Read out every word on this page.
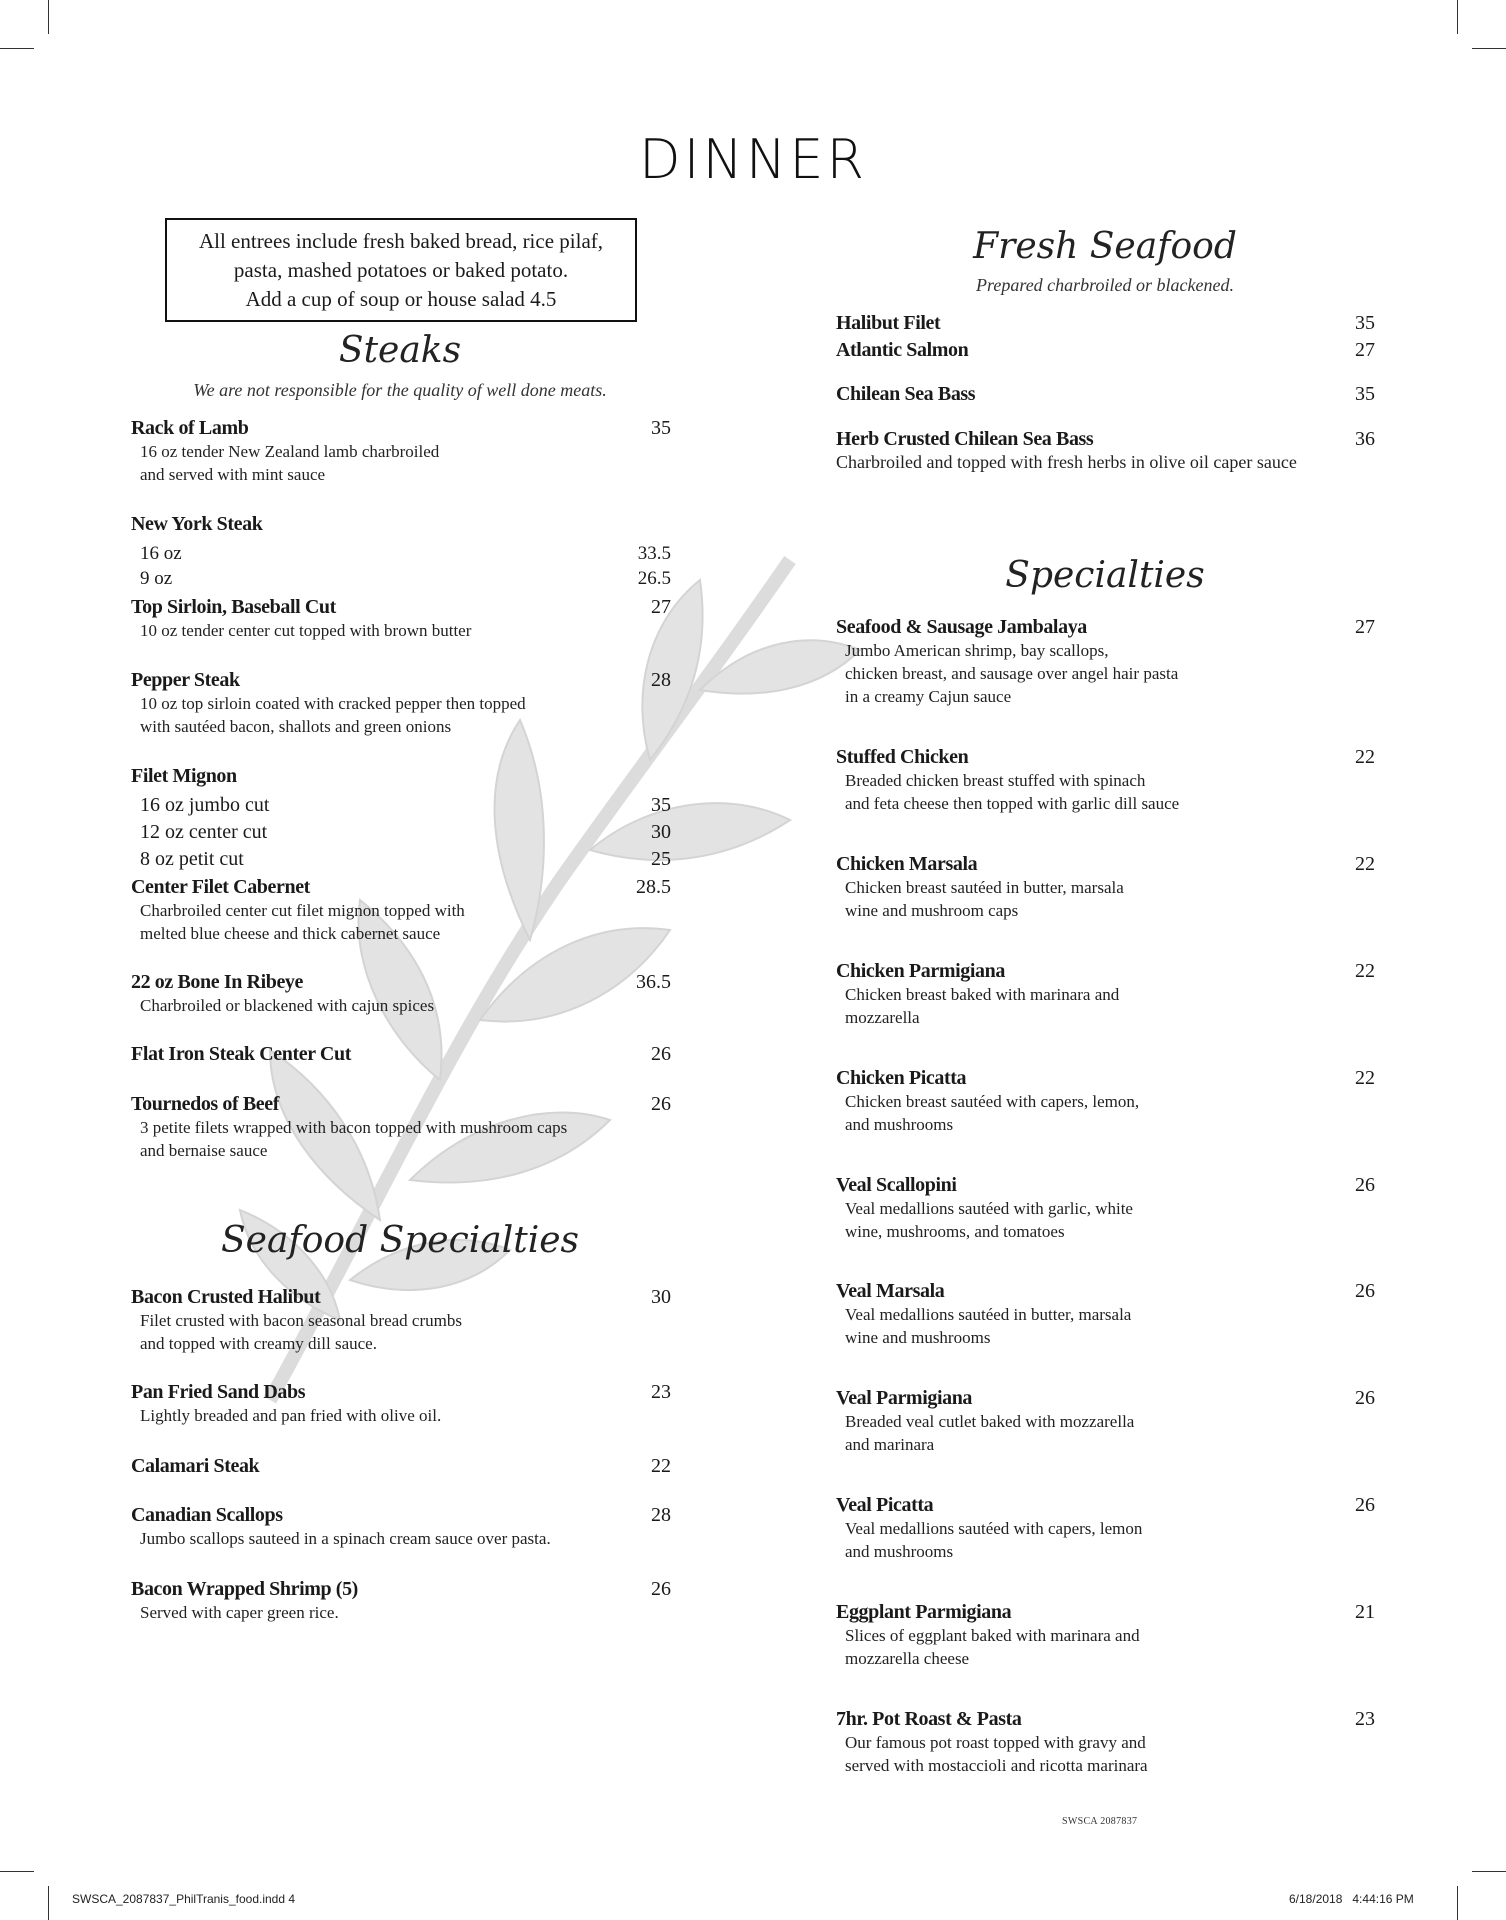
DINNER
All entrees include fresh baked bread, rice pilaf,
pasta, mashed potatoes or baked potato.
Add a cup of soup or house salad 4.5
Steaks
We are not responsible for the quality of well done meats.
Rack of Lamb	35
16 oz tender New Zealand lamb charbroiled
and served with mint sauce
New York Steak
16 oz	33.5
9 oz	26.5
Top Sirloin, Baseball Cut	27
10 oz tender center cut topped with brown butter
Pepper Steak	28
10 oz top sirloin coated with cracked pepper then topped
with sautéed bacon, shallots and green onions
Filet Mignon
16 oz jumbo cut	35
12 oz center cut	30
8 oz petit cut	25
Center Filet Cabernet	28.5
Charbroiled center cut filet mignon topped with
melted blue cheese and thick cabernet sauce
22 oz Bone In Ribeye	36.5
Charbroiled or blackened with cajun spices
Flat Iron Steak Center Cut	26
Tournedos of Beef	26
3 petite filets wrapped with bacon topped with mushroom caps
and bernaise sauce
Seafood Specialties
Bacon Crusted Halibut	30
Filet crusted with bacon seasonal bread crumbs
and topped with creamy dill sauce.
Pan Fried Sand Dabs	23
Lightly breaded and pan fried with olive oil.
Calamari Steak	22
Canadian Scallops	28
Jumbo scallops sauteed in a spinach cream sauce over pasta.
Bacon Wrapped Shrimp (5)	26
Served with caper green rice.
Fresh Seafood
Prepared charbroiled or blackened.
Halibut Filet	35
Atlantic Salmon	27
Chilean Sea Bass	35
Herb Crusted Chilean Sea Bass	36
Charbroiled and topped with fresh herbs in olive oil caper sauce
Specialties
Seafood & Sausage Jambalaya	27
Jumbo American shrimp, bay scallops,
chicken breast, and sausage over angel hair pasta
in a creamy Cajun sauce
Stuffed Chicken	22
Breaded chicken breast stuffed with spinach
and feta cheese then topped with garlic dill sauce
Chicken Marsala	22
Chicken breast sautéed in butter, marsala
wine and mushroom caps
Chicken Parmigiana	22
Chicken breast baked with marinara and
mozzarella
Chicken Picatta	22
Chicken breast sautéed with capers, lemon,
and mushrooms
Veal Scallopini	26
Veal medallions sautéed with garlic, white
wine, mushrooms, and tomatoes
Veal Marsala	26
Veal medallions sautéed in butter, marsala
wine and mushrooms
Veal Parmigiana	26
Breaded veal cutlet baked with mozzarella
and marinara
Veal Picatta	26
Veal medallions sautéed with capers, lemon
and mushrooms
Eggplant Parmigiana	21
Slices of eggplant baked with marinara and
mozzarella cheese
7hr. Pot Roast & Pasta	23
Our famous pot roast topped with gravy and
served with mostaccioli and ricotta marinara
SWSCA 2087837
SWSCA_2087837_PhilTranis_food.indd 4	6/18/2018   4:44:16 PM
